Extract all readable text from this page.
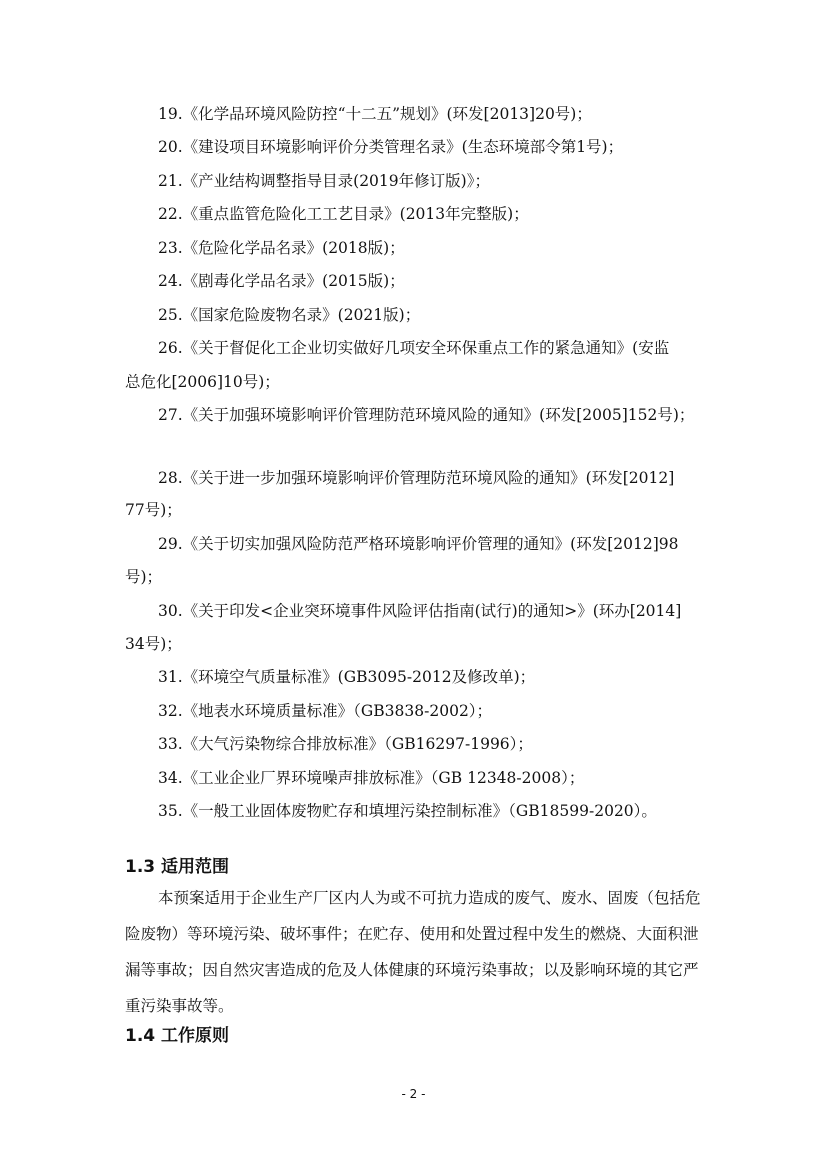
19.《化学品环境风险防控“十二五”规划》(环发[2013]20号)；
20.《建设项目环境影响评价分类管理名录》(生态环境部令第1号)；
21.《产业结构调整指导目录(2019年修订版)》；
22.《重点监管危险化工工艺目录》(2013年完整版)；
23.《危险化学品名录》(2018版)；
24.《剧毒化学品名录》(2015版)；
25.《国家危险废物名录》(2021版)；
26.《关于督促化工企业切实做好几项安全环保重点工作的紧急通知》(安监
总危化[2006]10号)；
27.《关于加强环境影响评价管理防范环境风险的通知》(环发[2005]152号)；
28.《关于进一步加强环境影响评价管理防范环境风险的通知》(环发[2012]
77号)；
29.《关于切实加强风险防范严格环境影响评价管理的通知》(环发[2012]98
号)；
30.《关于印发<企业突环境事件风险评估指南(试行)的通知>》(环办[2014]
34号)；
31.《环境空气质量标准》(GB3095-2012及修改单)；
32.《地表水环境质量标准》（GB3838-2002）；
33.《大气污染物综合排放标准》（GB16297-1996）；
34.《工业企业厂界环境噪声排放标准》（GB 12348-2008）；
35.《一般工业固体废物贮存和填埋污染控制标准》（GB18599-2020）。
1.3 适用范围
本预案适用于企业生产厂区内人为或不可抗力造成的废气、废水、固废（包括危险废物）等环境污染、破坏事件；在贮存、使用和处置过程中发生的燃烧、大面积泄漏等事故；因自然灾害造成的危及人体健康的环境污染事故；以及影响环境的其它严重污染事故等。
1.4 工作原则
- 2 -
